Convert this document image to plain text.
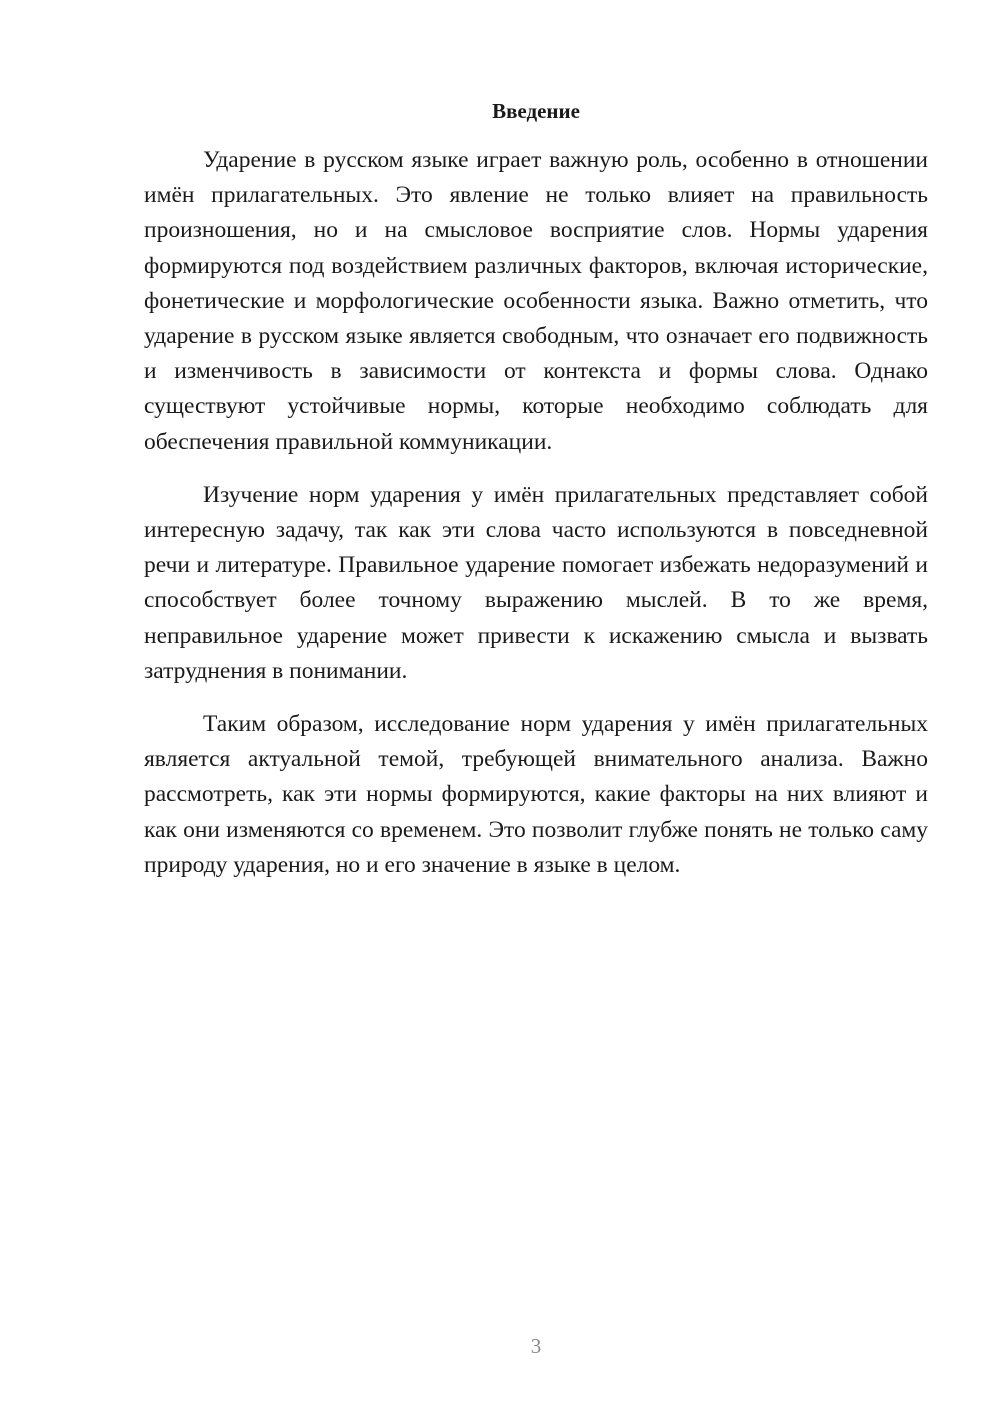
Введение

Ударение в русском языке играет важную роль, особенно в отношении имён прилагательных. Это явление не только влияет на правильность произношения, но и на смысловое восприятие слов. Нормы ударения формируются под воздействием различных факторов, включая исторические, фонетические и морфологические особенности языка. Важно отметить, что ударение в русском языке является свободным, что означает его подвижность и изменчивость в зависимости от контекста и формы слова. Однако существуют устойчивые нормы, которые необходимо соблюдать для обеспечения правильной коммуникации.

Изучение норм ударения у имён прилагательных представляет собой интересную задачу, так как эти слова часто используются в повседневной речи и литературе. Правильное ударение помогает избежать недоразумений и способствует более точному выражению мыслей. В то же время, неправильное ударение может привести к искажению смысла и вызвать затруднения в понимании.

Таким образом, исследование норм ударения у имён прилагательных является актуальной темой, требующей внимательного анализа. Важно рассмотреть, как эти нормы формируются, какие факторы на них влияют и как они изменяются со временем. Это позволит глубже понять не только саму природу ударения, но и его значение в языке в целом.

3
